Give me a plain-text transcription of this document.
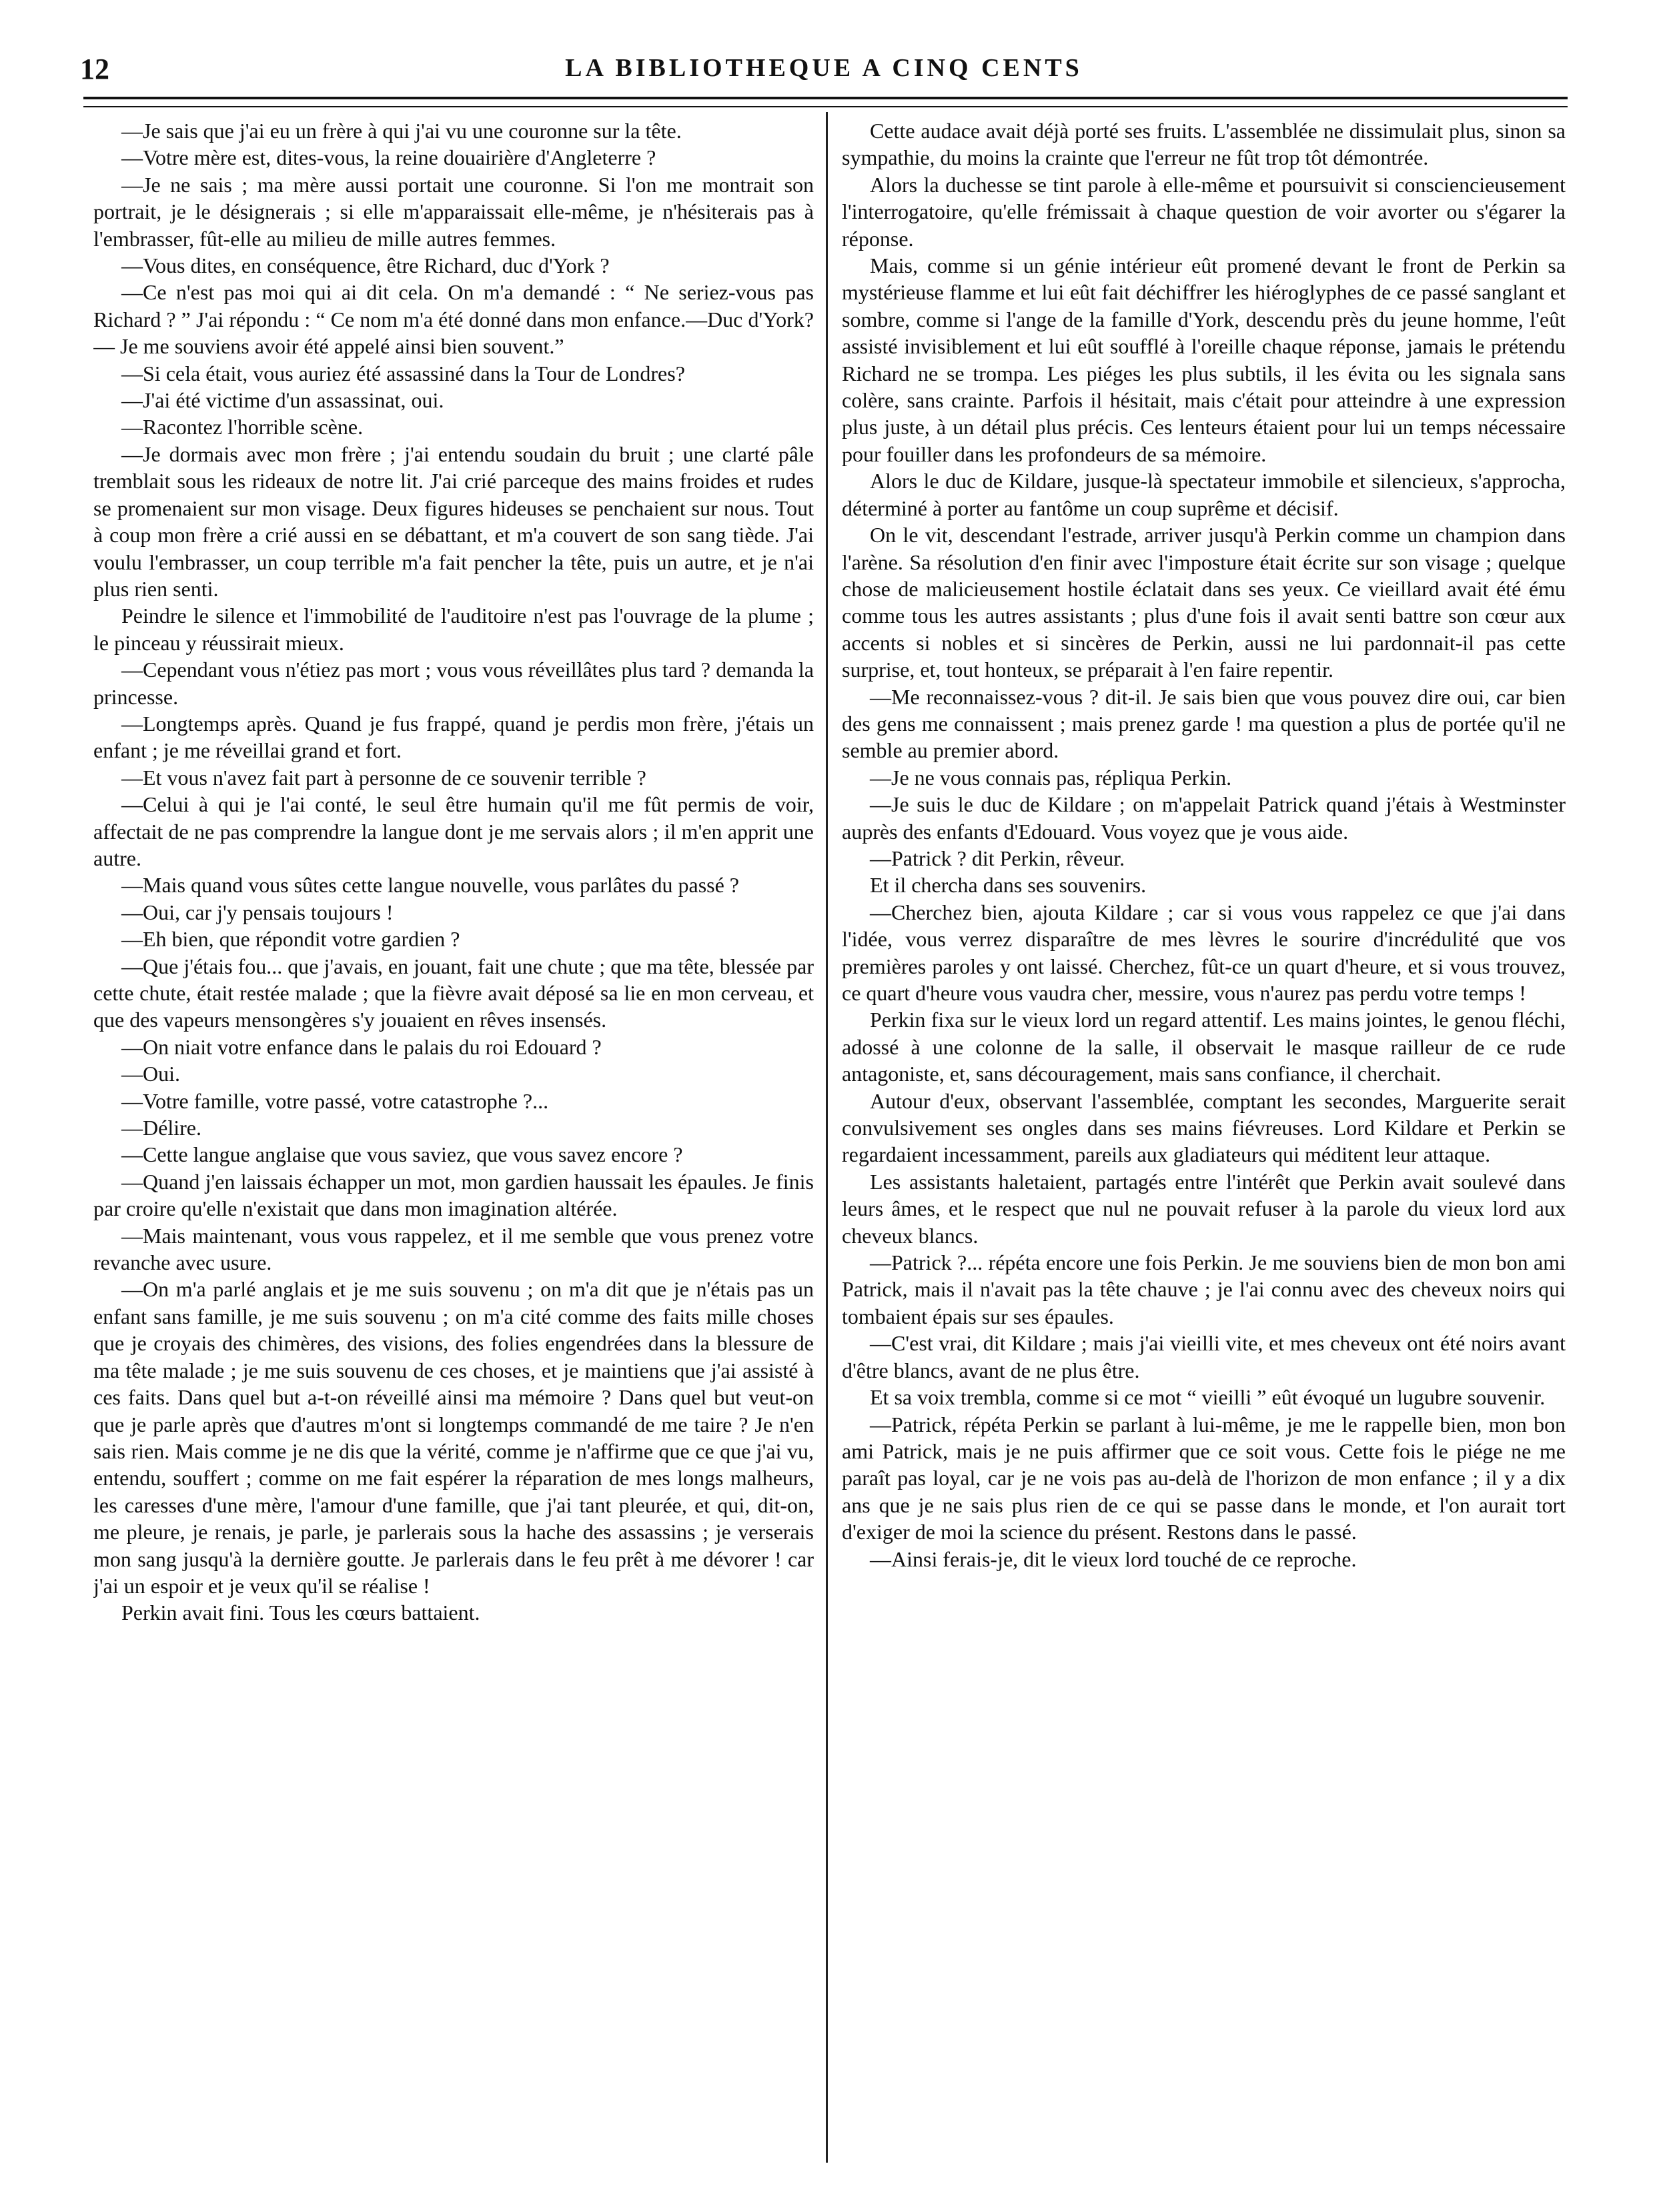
12	LA BIBLIOTHEQUE A CINQ CENTS

—Je sais que j'ai eu un frère à qui j'ai vu une couronne sur la tête.

—Votre mère est, dites-vous, la reine douairière d'Angleterre ?

—Je ne sais ; ma mère aussi portait une couronne. Si l'on me montrait son portrait, je le désignerais ; si elle m'apparaissait elle-même, je n'hésiterais pas à l'embrasser, fût-elle au milieu de mille autres femmes.

—Vous dites, en conséquence, être Richard, duc d'York ?

—Ce n'est pas moi qui ai dit cela. On m'a demandé : “ Ne seriez-vous pas Richard ? ” J'ai répondu : “ Ce nom m'a été donné dans mon enfance.—Duc d'York?— Je me souviens avoir été appelé ainsi bien souvent.”

—Si cela était, vous auriez été assassiné dans la Tour de Londres?

—J'ai été victime d'un assassinat, oui.

—Racontez l'horrible scène.

—Je dormais avec mon frère ; j'ai entendu soudain du bruit ; une clarté pâle tremblait sous les rideaux de notre lit. J'ai crié parceque des mains froides et rudes se promenaient sur mon visage. Deux figures hideuses se penchaient sur nous. Tout à coup mon frère a crié aussi en se débattant, et m'a couvert de son sang tiède. J'ai voulu l'embrasser, un coup terrible m'a fait pencher la tête, puis un autre, et je n'ai plus rien senti.

Peindre le silence et l'immobilité de l'auditoire n'est pas l'ouvrage de la plume ; le pinceau y réussirait mieux.

—Cependant vous n'étiez pas mort ; vous vous réveillâtes plus tard ? demanda la princesse.

—Longtemps après. Quand je fus frappé, quand je perdis mon frère, j'étais un enfant ; je me réveillai grand et fort.

—Et vous n'avez fait part à personne de ce souvenir terrible ?

—Celui à qui je l'ai conté, le seul être humain qu'il me fût permis de voir, affectait de ne pas comprendre la langue dont je me servais alors ; il m'en apprit une autre.

—Mais quand vous sûtes cette langue nouvelle, vous parlâtes du passé ?

—Oui, car j'y pensais toujours !

—Eh bien, que répondit votre gardien ?

—Que j'étais fou... que j'avais, en jouant, fait une chute ; que ma tête, blessée par cette chute, était restée malade ; que la fièvre avait déposé sa lie en mon cerveau, et que des vapeurs mensongères s'y jouaient en rêves insensés.

—On niait votre enfance dans le palais du roi Edouard ?

—Oui.

—Votre famille, votre passé, votre catastrophe ?...

—Délire.

—Cette langue anglaise que vous saviez, que vous savez encore ?

—Quand j'en laissais échapper un mot, mon gardien haussait les épaules. Je finis par croire qu'elle n'existait que dans mon imagination altérée.

—Mais maintenant, vous vous rappelez, et il me semble que vous prenez votre revanche avec usure.

—On m'a parlé anglais et je me suis souvenu ; on m'a dit que je n'étais pas un enfant sans famille, je me suis souvenu ; on m'a cité comme des faits mille choses que je croyais des chimères, des visions, des folies engendrées dans la blessure de ma tête malade ; je me suis souvenu de ces choses, et je maintiens que j'ai assisté à ces faits. Dans quel but a-t-on réveillé ainsi ma mémoire ? Dans quel but veut-on que je parle après que d'autres m'ont si longtemps commandé de me taire ? Je n'en sais rien. Mais comme je ne dis que la vérité, comme je n'affirme que ce que j'ai vu, entendu, souffert ; comme on me fait espérer la réparation de mes longs malheurs, les caresses d'une mère, l'amour d'une famille, que j'ai tant pleurée, et qui, dit-on, me pleure, je renais, je parle, je parlerais sous la hache des assassins ; je verserais mon sang jusqu'à la dernière goutte. Je parlerais dans le feu prêt à me dévorer ! car j'ai un espoir et je veux qu'il se réalise !

Perkin avait fini. Tous les cœurs battaient.

Cette audace avait déjà porté ses fruits. L'assemblée ne dissimulait plus, sinon sa sympathie, du moins la crainte que l'erreur ne fût trop tôt démontrée.

Alors la duchesse se tint parole à elle-même et poursuivit si consciencieusement l'interrogatoire, qu'elle frémissait à chaque question de voir avorter ou s'égarer la réponse.

Mais, comme si un génie intérieur eût promené devant le front de Perkin sa mystérieuse flamme et lui eût fait déchiffrer les hiéroglyphes de ce passé sanglant et sombre, comme si l'ange de la famille d'York, descendu près du jeune homme, l'eût assisté invisiblement et lui eût soufflé à l'oreille chaque réponse, jamais le prétendu Richard ne se trompa. Les piéges les plus subtils, il les évita ou les signala sans colère, sans crainte. Parfois il hésitait, mais c'était pour atteindre à une expression plus juste, à un détail plus précis. Ces lenteurs étaient pour lui un temps nécessaire pour fouiller dans les profondeurs de sa mémoire.

Alors le duc de Kildare, jusque-là spectateur immobile et silencieux, s'approcha, déterminé à porter au fantôme un coup suprême et décisif.

On le vit, descendant l'estrade, arriver jusqu'à Perkin comme un champion dans l'arène. Sa résolution d'en finir avec l'imposture était écrite sur son visage ; quelque chose de malicieusement hostile éclatait dans ses yeux. Ce vieillard avait été ému comme tous les autres assistants ; plus d'une fois il avait senti battre son cœur aux accents si nobles et si sincères de Perkin, aussi ne lui pardonnait-il pas cette surprise, et, tout honteux, se préparait à l'en faire repentir.

—Me reconnaissez-vous ? dit-il. Je sais bien que vous pouvez dire oui, car bien des gens me connaissent ; mais prenez garde ! ma question a plus de portée qu'il ne semble au premier abord.

—Je ne vous connais pas, répliqua Perkin.

—Je suis le duc de Kildare ; on m'appelait Patrick quand j'étais à Westminster auprès des enfants d'Edouard. Vous voyez que je vous aide.

—Patrick ? dit Perkin, rêveur.

Et il chercha dans ses souvenirs.

—Cherchez bien, ajouta Kildare ; car si vous vous rappelez ce que j'ai dans l'idée, vous verrez disparaître de mes lèvres le sourire d'incrédulité que vos premières paroles y ont laissé. Cherchez, fût-ce un quart d'heure, et si vous trouvez, ce quart d'heure vous vaudra cher, messire, vous n'aurez pas perdu votre temps !

Perkin fixa sur le vieux lord un regard attentif. Les mains jointes, le genou fléchi, adossé à une colonne de la salle, il observait le masque railleur de ce rude antagoniste, et, sans découragement, mais sans confiance, il cherchait.

Autour d'eux, observant l'assemblée, comptant les secondes, Marguerite serait convulsivement ses ongles dans ses mains fiévreuses. Lord Kildare et Perkin se regardaient incessamment, pareils aux gladiateurs qui méditent leur attaque.

Les assistants haletaient, partagés entre l'intérêt que Perkin avait soulevé dans leurs âmes, et le respect que nul ne pouvait refuser à la parole du vieux lord aux cheveux blancs.

—Patrick ?... répéta encore une fois Perkin. Je me souviens bien de mon bon ami Patrick, mais il n'avait pas la tête chauve ; je l'ai connu avec des cheveux noirs qui tombaient épais sur ses épaules.

—C'est vrai, dit Kildare ; mais j'ai vieilli vite, et mes cheveux ont été noirs avant d'être blancs, avant de ne plus être.

Et sa voix trembla, comme si ce mot “ vieilli ” eût évoqué un lugubre souvenir.

—Patrick, répéta Perkin se parlant à lui-même, je me le rappelle bien, mon bon ami Patrick, mais je ne puis affirmer que ce soit vous. Cette fois le piége ne me paraît pas loyal, car je ne vois pas au-delà de l'horizon de mon enfance ; il y a dix ans que je ne sais plus rien de ce qui se passe dans le monde, et l'on aurait tort d'exiger de moi la science du présent. Restons dans le passé.

—Ainsi ferais-je, dit le vieux lord touché de ce reproche.
